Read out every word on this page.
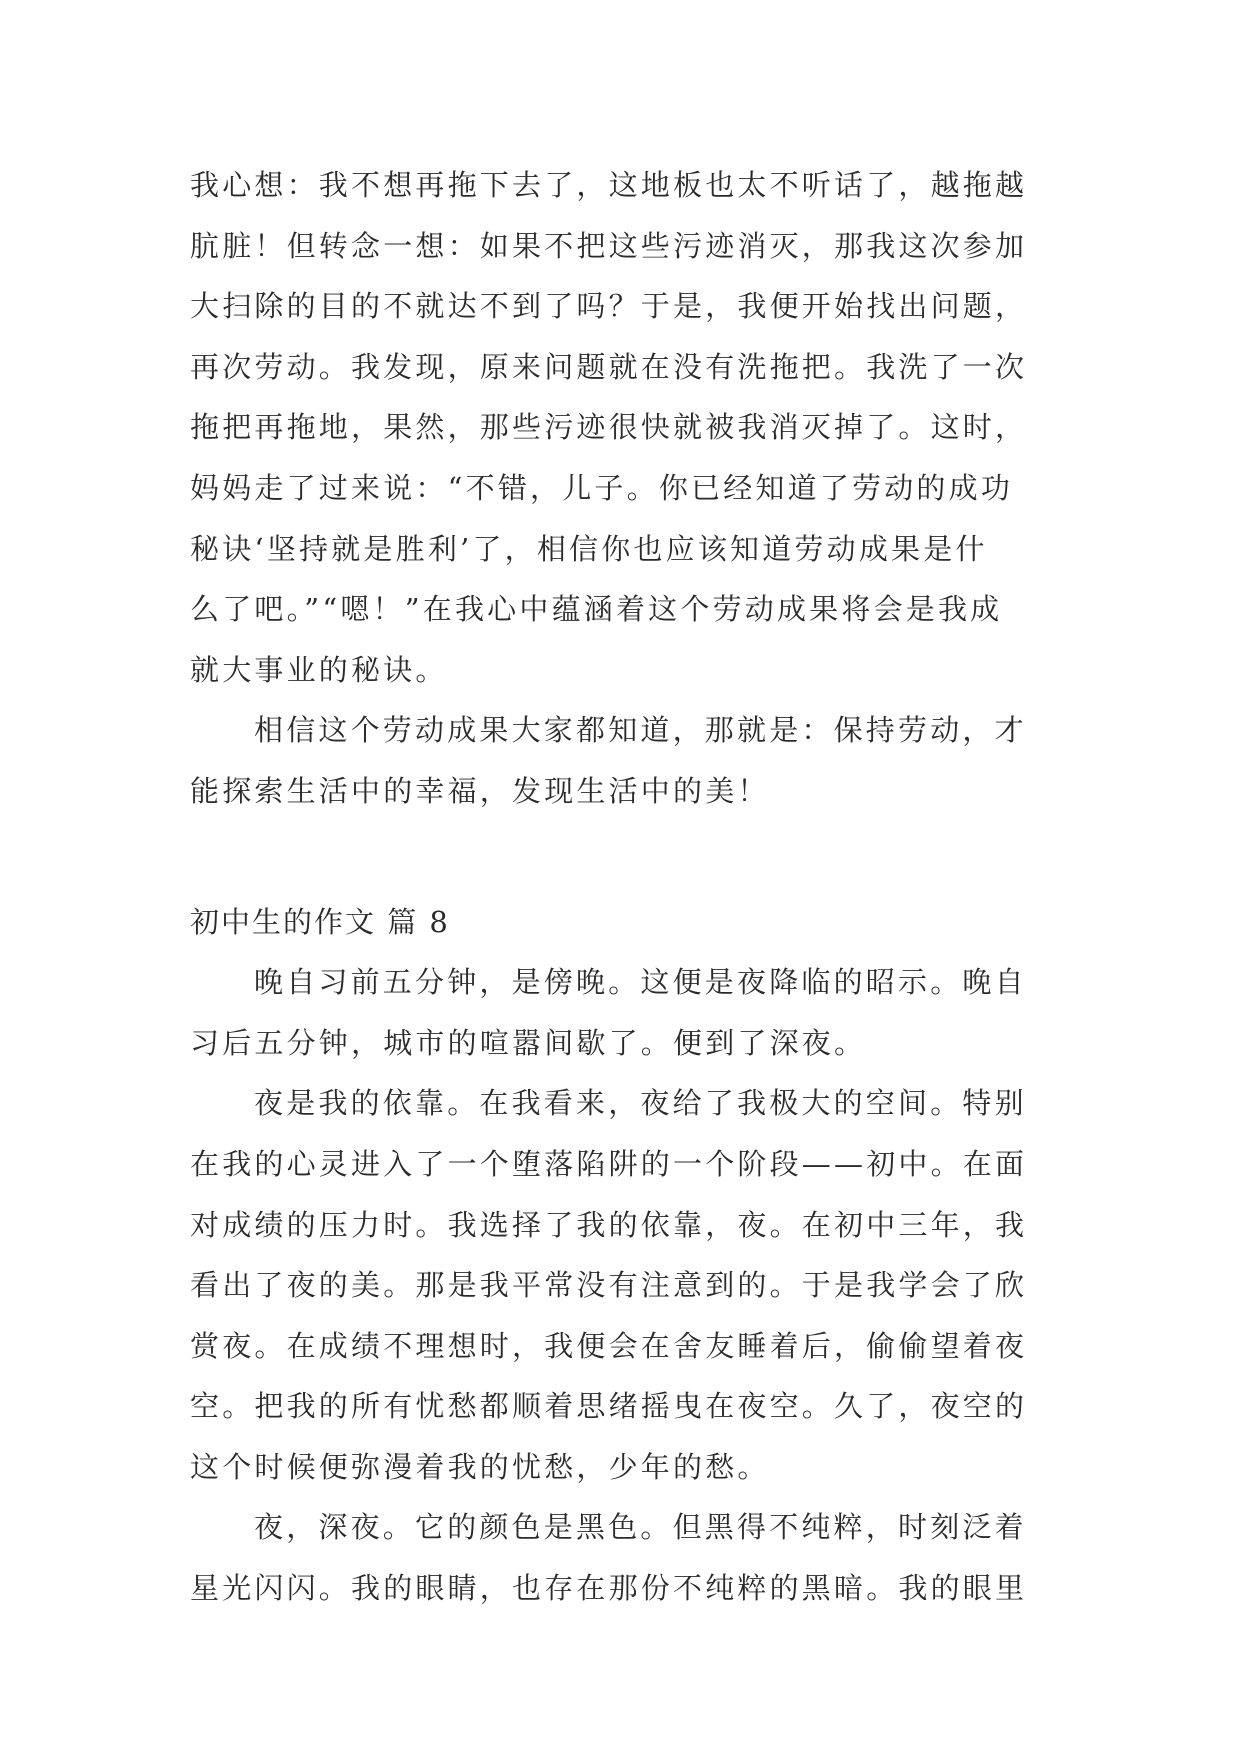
我心想：我不想再拖下去了，这地板也太不听话了，越拖越
肮脏！但转念一想：如果不把这些污迹消灭，那我这次参加
大扫除的目的不就达不到了吗？于是，我便开始找出问题，
再次劳动。我发现，原来问题就在没有洗拖把。我洗了一次
拖把再拖地，果然，那些污迹很快就被我消灭掉了。这时，
妈妈走了过来说：“不错，儿子。你已经知道了劳动的成功
秘诀‘坚持就是胜利’了，相信你也应该知道劳动成果是什
么了吧。”“嗯！”在我心中蕴涵着这个劳动成果将会是我成
就大事业的秘诀。
相信这个劳动成果大家都知道，那就是：保持劳动，才
能探索生活中的幸福，发现生活中的美！
初中生的作文 篇 8
晚自习前五分钟，是傍晚。这便是夜降临的昭示。晚自
习后五分钟，城市的喧嚣间歇了。便到了深夜。
夜是我的依靠。在我看来，夜给了我极大的空间。特别
在我的心灵进入了一个堕落陷阱的一个阶段——初中。在面
对成绩的压力时。我选择了我的依靠，夜。在初中三年，我
看出了夜的美。那是我平常没有注意到的。于是我学会了欣
赏夜。在成绩不理想时，我便会在舍友睡着后，偷偷望着夜
空。把我的所有忧愁都顺着思绪摇曳在夜空。久了，夜空的
这个时候便弥漫着我的忧愁，少年的愁。
夜，深夜。它的颜色是黑色。但黑得不纯粹，时刻泛着
星光闪闪。我的眼睛，也存在那份不纯粹的黑暗。我的眼里
